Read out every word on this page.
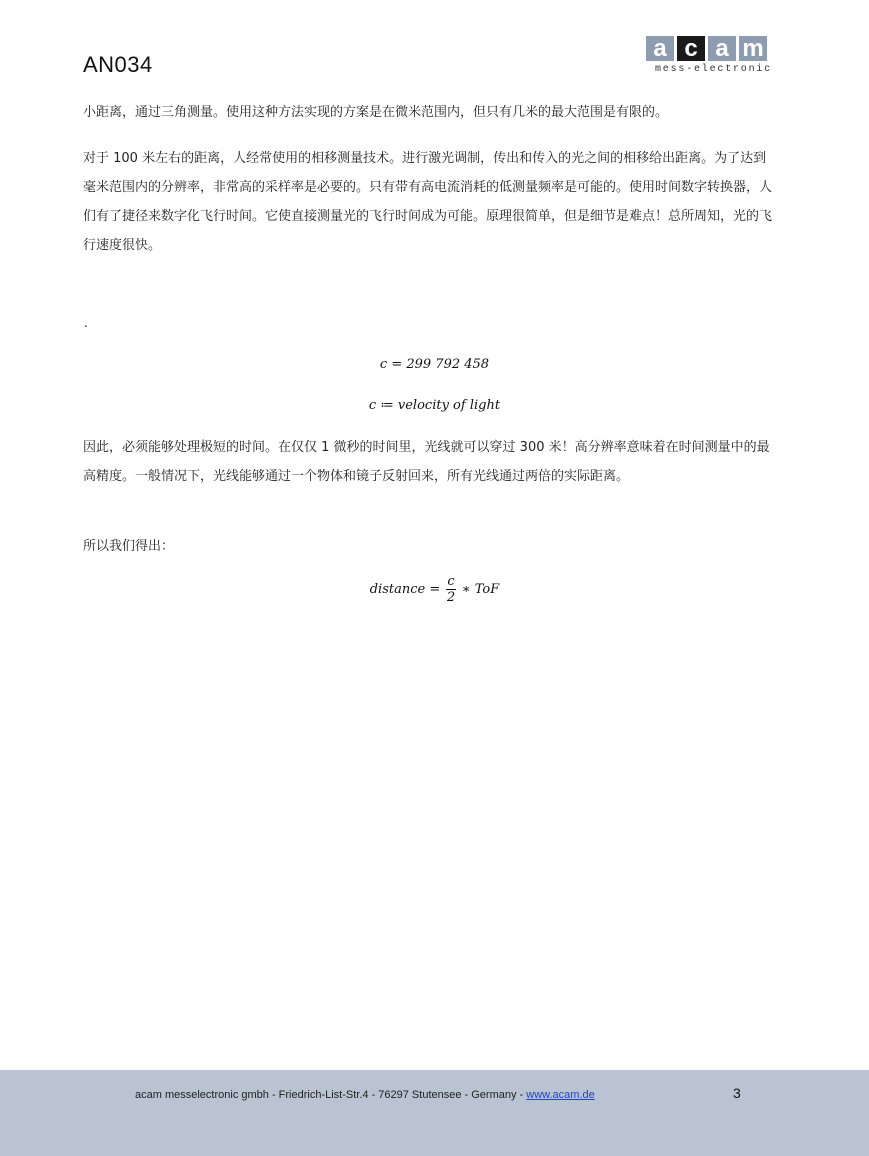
AN034
a c a m
mess-electronic
小距离，通过三角测量。使用这种方法实现的方案是在微米范围内，但只有几米的最大范围是有限的。
对于 100 米左右的距离，人经常使用的相移测量技术。进行激光调制，传出和传入的光之间的相移给出距离。为了达到毫米范围内的分辨率，非常高的采样率是必要的。只有带有高电流消耗的低测量频率是可能的。使用时间数字转换器，人们有了捷径来数字化飞行时间。它使直接测量光的飞行时间成为可能。原理很简单，但是细节是难点！总所周知，光的飞行速度很快。
.
c = 299 792 458
c ≔ velocity of light
因此，必须能够处理极短的时间。在仅仅 1 微秒的时间里，光线就可以穿过 300 米！高分辨率意味着在时间测量中的最高精度。一般情况下，光线能够通过一个物体和镜子反射回来，所有光线通过两倍的实际距离。
所以我们得出：
distance = $\frac{c}{2}$ ∗ ToF
acam messelectronic gmbh - Friedrich-List-Str.4 - 76297 Stutensee - Germany - www.acam.de	3
